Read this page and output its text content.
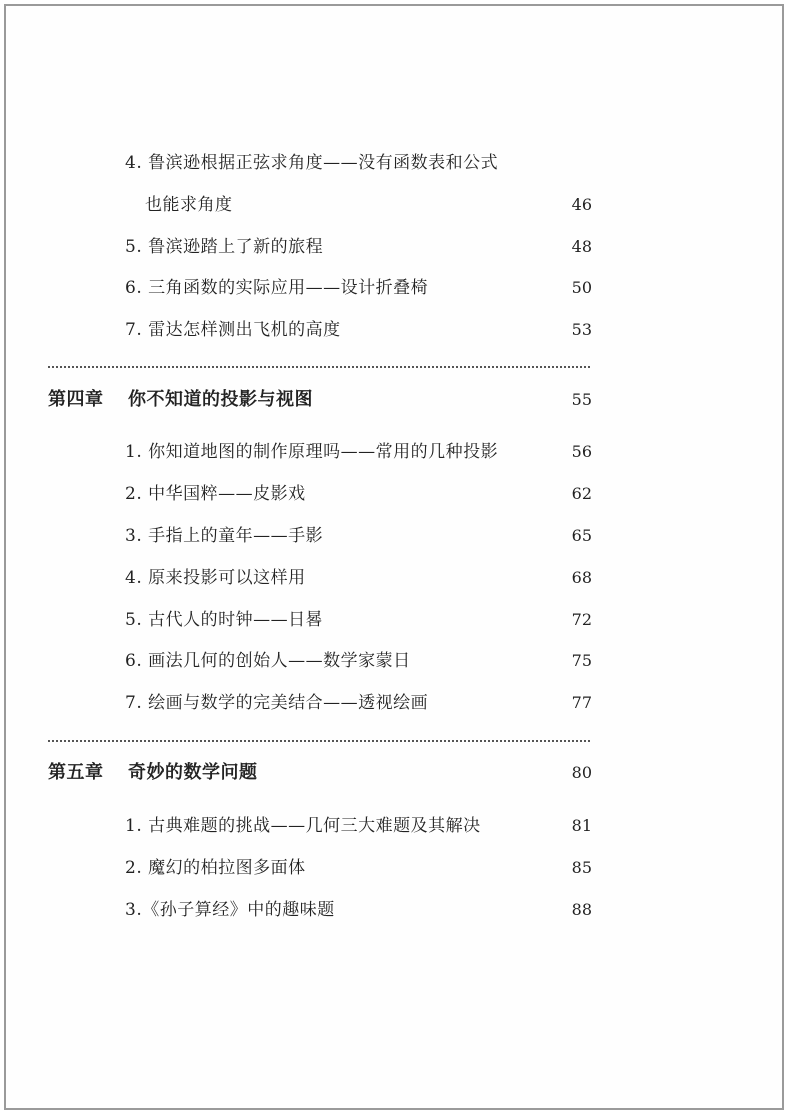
4. 鲁滨逊根据正弦求角度——没有函数表和公式
也能求角度	46
5. 鲁滨逊踏上了新的旅程	48
6. 三角函数的实际应用——设计折叠椅	50
7. 雷达怎样测出飞机的高度	53
第四章 你不知道的投影与视图	55
1. 你知道地图的制作原理吗——常用的几种投影	56
2. 中华国粹——皮影戏	62
3. 手指上的童年——手影	65
4. 原来投影可以这样用	68
5. 古代人的时钟——日晷	72
6. 画法几何的创始人——数学家蒙日	75
7. 绘画与数学的完美结合——透视绘画	77
第五章 奇妙的数学问题	80
1. 古典难题的挑战——几何三大难题及其解决	81
2. 魔幻的柏拉图多面体	85
3.《孙子算经》中的趣味题	88
